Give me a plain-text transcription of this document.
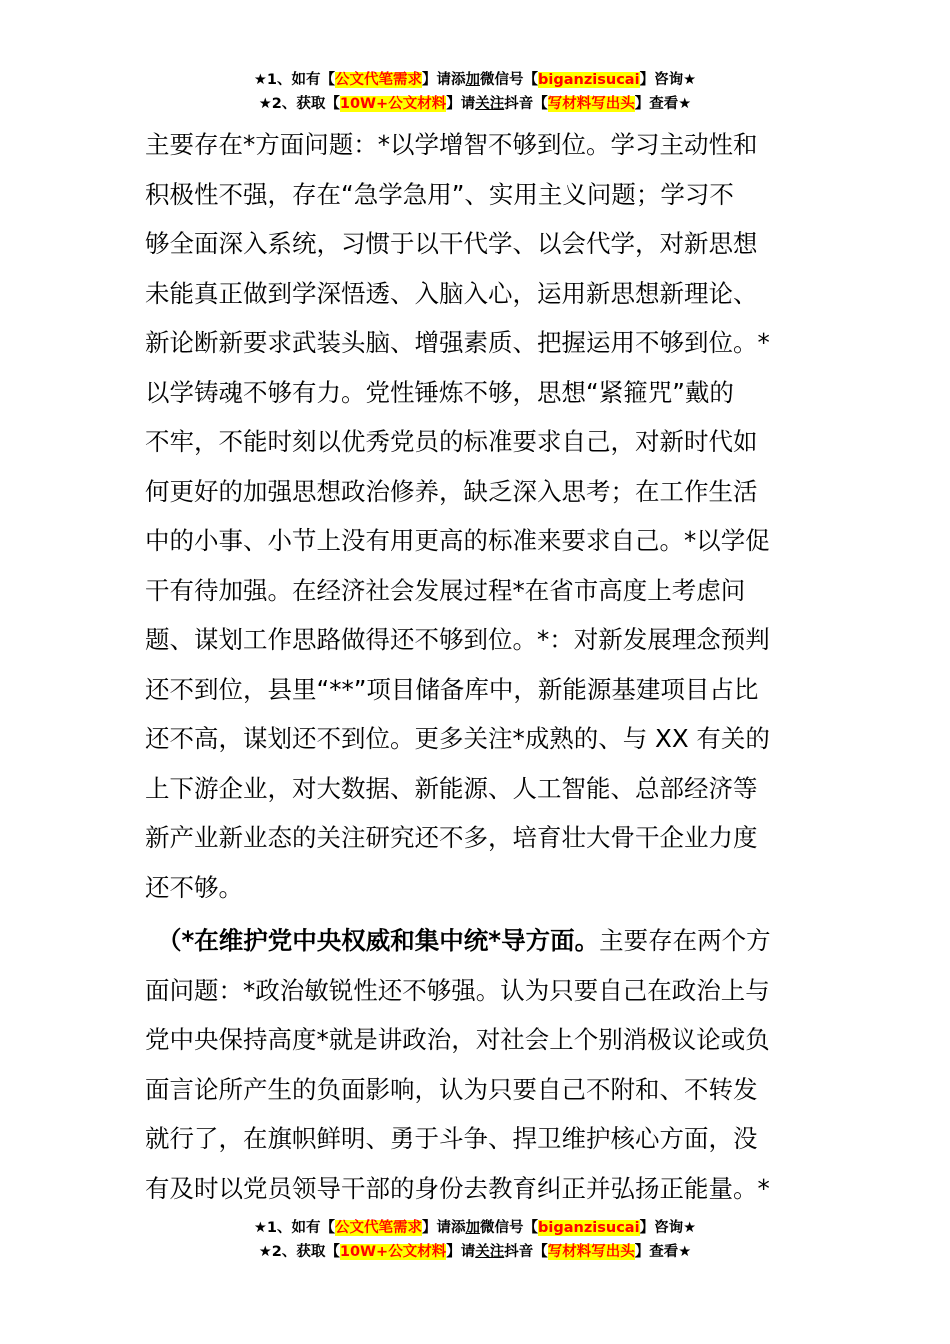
★1、如有【公文代笔需求】请添加微信号【biganzisucai】咨询★
★2、获取【10W+公文材料】请关注抖音【写材料写出头】查看★
主要存在*方面问题：*以学增智不够到位。学习主动性和
积极性不强，存在“急学急用”、实用主义问题；学习不
够全面深入系统，习惯于以干代学、以会代学，对新思想
未能真正做到学深悟透、入脑入心，运用新思想新理论、
新论断新要求武装头脑、增强素质、把握运用不够到位。*
以学铸魂不够有力。党性锤炼不够，思想“紧箍咒”戴的
不牢，不能时刻以优秀党员的标准要求自己，对新时代如
何更好的加强思想政治修养，缺乏深入思考；在工作生活
中的小事、小节上没有用更高的标准来要求自己。*以学促
干有待加强。在经济社会发展过程*在省市高度上考虑问
题、谋划工作思路做得还不够到位。*：对新发展理念预判
还不到位，县里“**”项目储备库中，新能源基建项目占比
还不高，谋划还不到位。更多关注*成熟的、与 XX 有关的
上下游企业，对大数据、新能源、人工智能、总部经济等
新产业新业态的关注研究还不多，培育壮大骨干企业力度
还不够。
（*在维护党中央权威和集中统*导方面。主要存在两个方
面问题：*政治敏锐性还不够强。认为只要自己在政治上与
党中央保持高度*就是讲政治，对社会上个别消极议论或负
面言论所产生的负面影响，认为只要自己不附和、不转发
就行了，在旗帜鲜明、勇于斗争、捍卫维护核心方面，没
有及时以党员领导干部的身份去教育纠正并弘扬正能量。*
★1、如有【公文代笔需求】请添加微信号【biganzisucai】咨询★
★2、获取【10W+公文材料】请关注抖音【写材料写出头】查看★
